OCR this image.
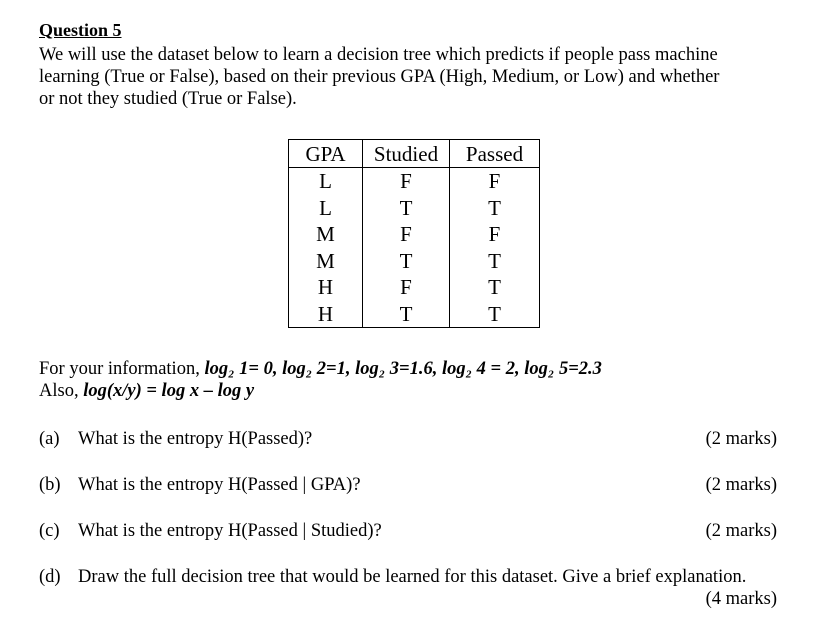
Question 5
We will use the dataset below to learn a decision tree which predicts if people pass machine
learning (True or False), based on their previous GPA (High, Medium, or Low) and whether
or not they studied (True or False).
GPA	Studied	Passed
L	F	F
L	T	T
M	F	F
M	T	T
H	F	T
H	T	T
For your information, log₂ 1= 0, log₂ 2=1, log₂ 3=1.6, log₂ 4 = 2, log₂ 5=2.3
Also, log(x/y) = log x – log y
(a) What is the entropy H(Passed)?	(2 marks)
(b) What is the entropy H(Passed | GPA)?	(2 marks)
(c) What is the entropy H(Passed | Studied)?	(2 marks)
(d) Draw the full decision tree that would be learned for this dataset. Give a brief explanation.
(4 marks)
